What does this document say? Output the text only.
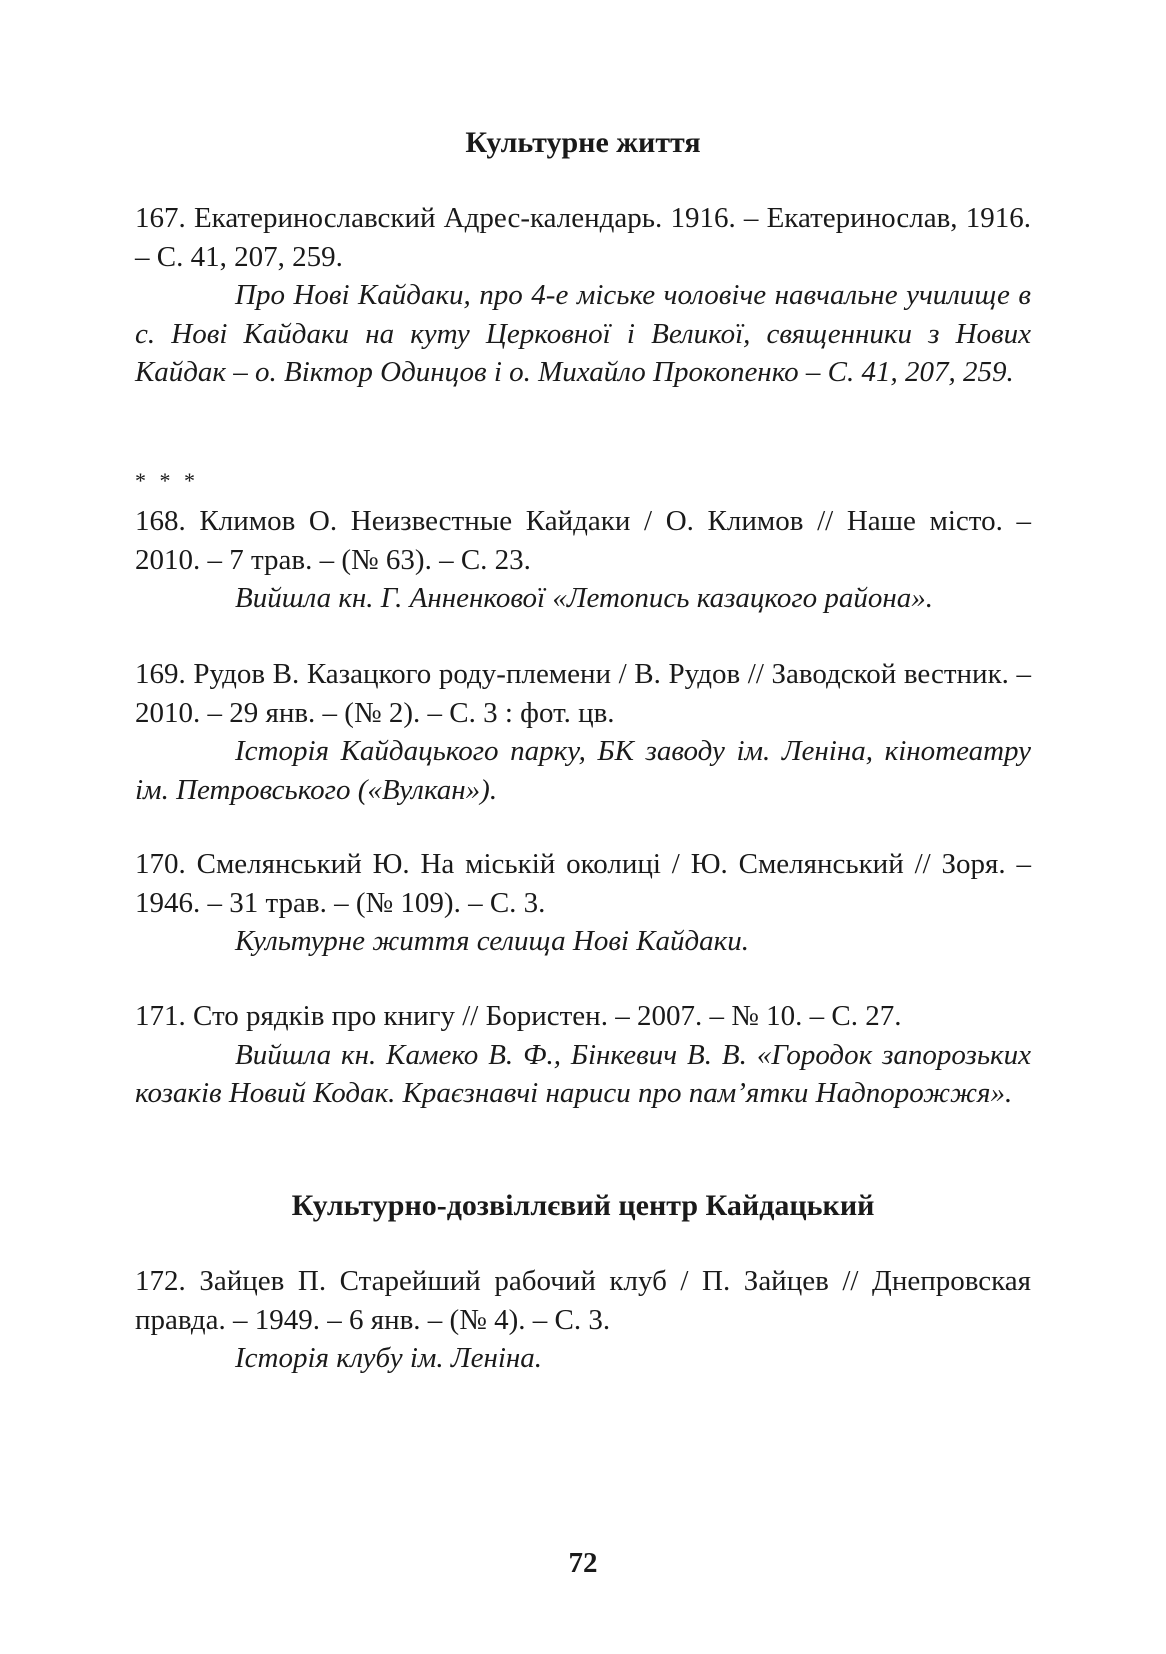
Культурне життя

167. Екатеринославский Адрес-календарь. 1916. – Екатеринослав, 1916. – С. 41, 207, 259.

Про Нові Кайдаки, про 4-е міське чоловіче навчальне училище в с. Нові Кайдаки на куту Церковної і Великої, священники з Нових Кайдак – о. Віктор Одинцов і о. Михайло Прокопенко – С. 41, 207, 259.

* * *

168. Климов О. Неизвестные Кайдаки / О. Климов // Наше місто. – 2010. – 7 трав. – (№ 63). – С. 23.

Вийшла кн. Г. Анненкової «Летопись казацкого района».

169. Рудов В. Казацкого роду-племени / В. Рудов // Заводской вестник. – 2010. – 29 янв. – (№ 2). – С. 3 : фот. цв.

Історія Кайдацького парку, БК заводу ім. Леніна, кінотеатру ім. Петровського («Вулкан»).

170. Смелянський Ю. На міській околиці / Ю. Смелянський // Зоря. – 1946. – 31 трав. – (№ 109). – С. 3.

Культурне життя селища Нові Кайдаки.

171. Сто рядків про книгу // Бористен. – 2007. – № 10. – С. 27.

Вийшла кн. Камеко В. Ф., Бінкевич В. В. «Городок запорозьких козаків Новий Кодак. Краєзнавчі нариси про пам’ятки Надпорожжя».

Культурно-дозвіллєвий центр Кайдацький

172. Зайцев П. Старейший рабочий клуб / П. Зайцев // Днепровская правда. – 1949. – 6 янв. – (№ 4). – С. 3.

Історія клубу ім. Леніна.

72
